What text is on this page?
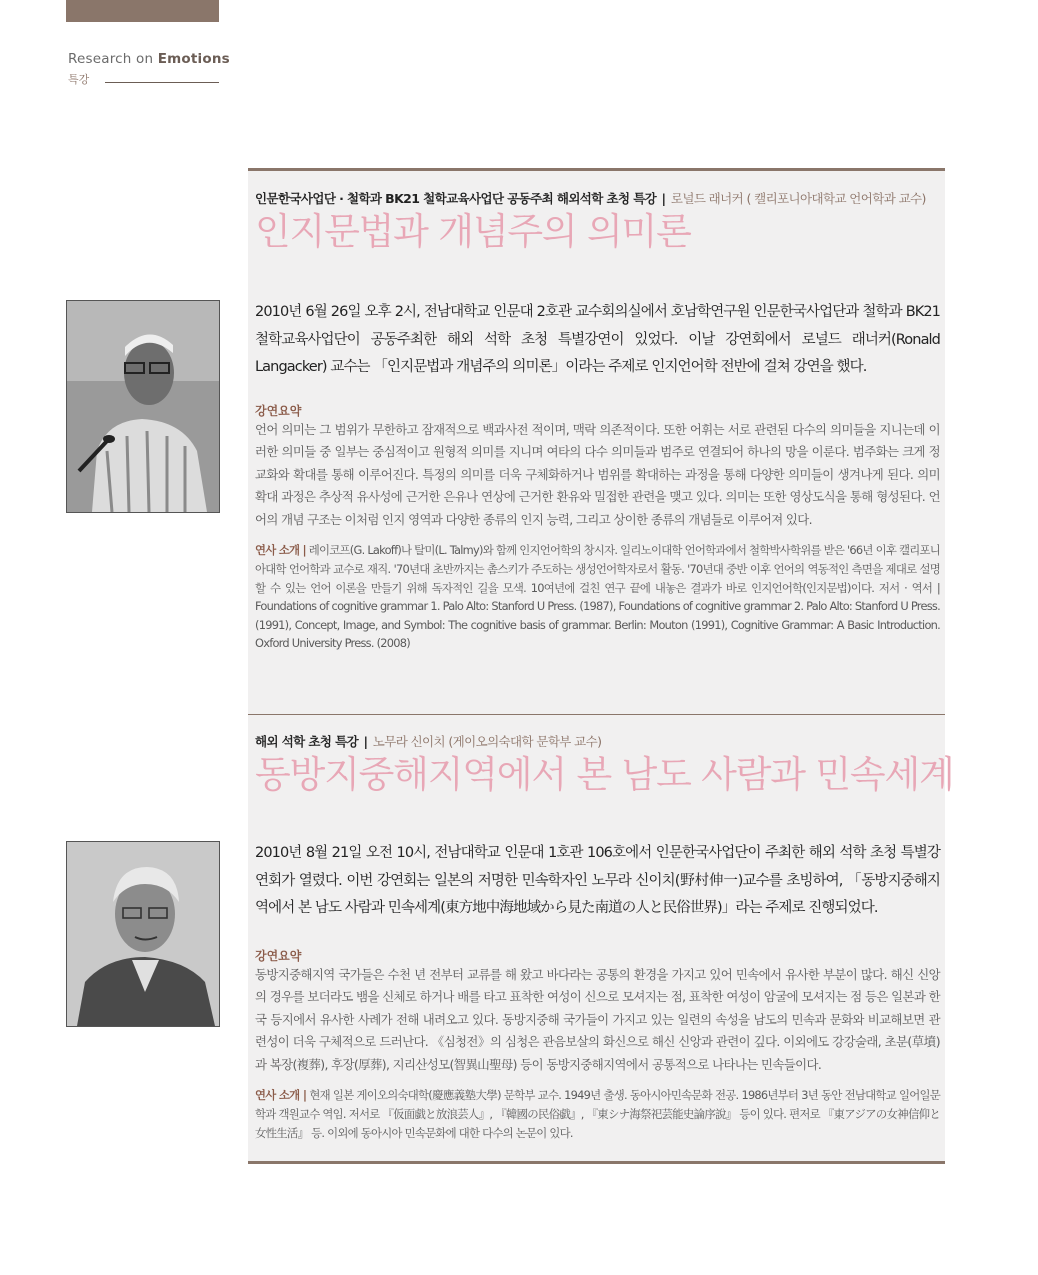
Research on Emotions
특강
인문한국사업단 · 철학과 BK21 철학교육사업단 공동주최 해외석학 초청 특강 | 로널드 래너커 ( 캘리포니아대학교 언어학과 교수)
인지문법과 개념주의 의미론
2010년 6월 26일 오후 2시, 전남대학교 인문대 2호관 교수회의실에서 호남학연구원 인문한국사업단과 철학과 BK21 철학교육사업단이 공동주최한 해외 석학 초청 특별강연이 있었다. 이날 강연회에서 로널드 래너커(Ronald Langacker) 교수는 「인지문법과 개념주의 의미론」이라는 주제로 인지언어학 전반에 걸쳐 강연을 했다.
강연요약
언어 의미는 그 범위가 무한하고 잠재적으로 백과사전 적이며, 맥락 의존적이다. 또한 어휘는 서로 관련된 다수의 의미들을 지니는데 이러한 의미들 중 일부는 중심적이고 원형적 의미를 지니며 여타의 다수 의미들과 범주로 연결되어 하나의 망을 이룬다. 범주화는 크게 정교화와 확대를 통해 이루어진다. 특정의 의미를 더욱 구체화하거나 범위를 확대하는 과정을 통해 다양한 의미들이 생겨나게 된다. 의미 확대 과정은 추상적 유사성에 근거한 은유나 연상에 근거한 환유와 밀접한 관련을 맺고 있다. 의미는 또한 영상도식을 통해 형성된다. 언어의 개념 구조는 이처럼 인지 영역과 다양한 종류의 인지 능력, 그리고 상이한 종류의 개념들로 이루어져 있다.
연사 소개 | 레이코프(G. Lakoff)나 탈미(L. Talmy)와 함께 인지언어학의 창시자. 일리노이대학 언어학과에서 철학박사학위를 받은 '66년 이후 캘리포니아대학 언어학과 교수로 재직. '70년대 초반까지는 촘스키가 주도하는 생성언어학자로서 활동. '70년대 중반 이후 언어의 역동적인 측면을 제대로 설명할 수 있는 언어 이론을 만들기 위해 독자적인 길을 모색. 10여년에 걸친 연구 끝에 내놓은 결과가 바로 인지언어학(인지문법)이다. 저서 · 역서 | Foundations of cognitive grammar 1. Palo Alto: Stanford U Press. (1987), Foundations of cognitive grammar 2. Palo Alto: Stanford U Press. (1991), Concept, Image, and Symbol: The cognitive basis of grammar. Berlin: Mouton (1991), Cognitive Grammar: A Basic Introduction. Oxford University Press. (2008)
해외 석학 초청 특강 | 노무라 신이치 (게이오의숙대학 문학부 교수)
동방지중해지역에서 본 남도 사람과 민속세계
2010년 8월 21일 오전 10시, 전남대학교 인문대 1호관 106호에서 인문한국사업단이 주최한 해외 석학 초청 특별강연회가 열렸다. 이번 강연회는 일본의 저명한 민속학자인 노무라 신이치(野村伸一)교수를 초빙하여, 「동방지중해지역에서 본 남도 사람과 민속세계(東方地中海地域から見た南道の人と民俗世界)」라는 주제로 진행되었다.
강연요약
동방지중해지역 국가들은 수천 년 전부터 교류를 해 왔고 바다라는 공통의 환경을 가지고 있어 민속에서 유사한 부분이 많다. 해신 신앙의 경우를 보더라도 뱀을 신체로 하거나 배를 타고 표착한 여성이 신으로 모셔지는 점, 표착한 여성이 암굴에 모셔지는 점 등은 일본과 한국 등지에서 유사한 사례가 전해 내려오고 있다. 동방지중해 국가들이 가지고 있는 일련의 속성을 남도의 민속과 문화와 비교해보면 관련성이 더욱 구체적으로 드러난다. 《심청전》의 심청은 관음보살의 화신으로 해신 신앙과 관련이 깊다. 이외에도 강강술래, 초분(草墳)과 복장(複葬), 후장(厚葬), 지리산성모(智異山聖母) 등이 동방지중해지역에서 공통적으로 나타나는 민속들이다.
연사 소개 | 현재 일본 게이오의숙대학(慶應義塾大學) 문학부 교수. 1949년 출생. 동아시아민속문화 전공. 1986년부터 3년 동안 전남대학교 일어일문학과 객원교수 역임. 저서로 『仮面戯と放浪芸人』, 『韓國の民俗戯』, 『東シナ海祭祀芸能史論序說』 등이 있다. 편저로 『東アジアの女神信仰と女性生活』 등. 이외에 동아시아 민속문화에 대한 다수의 논문이 있다.
